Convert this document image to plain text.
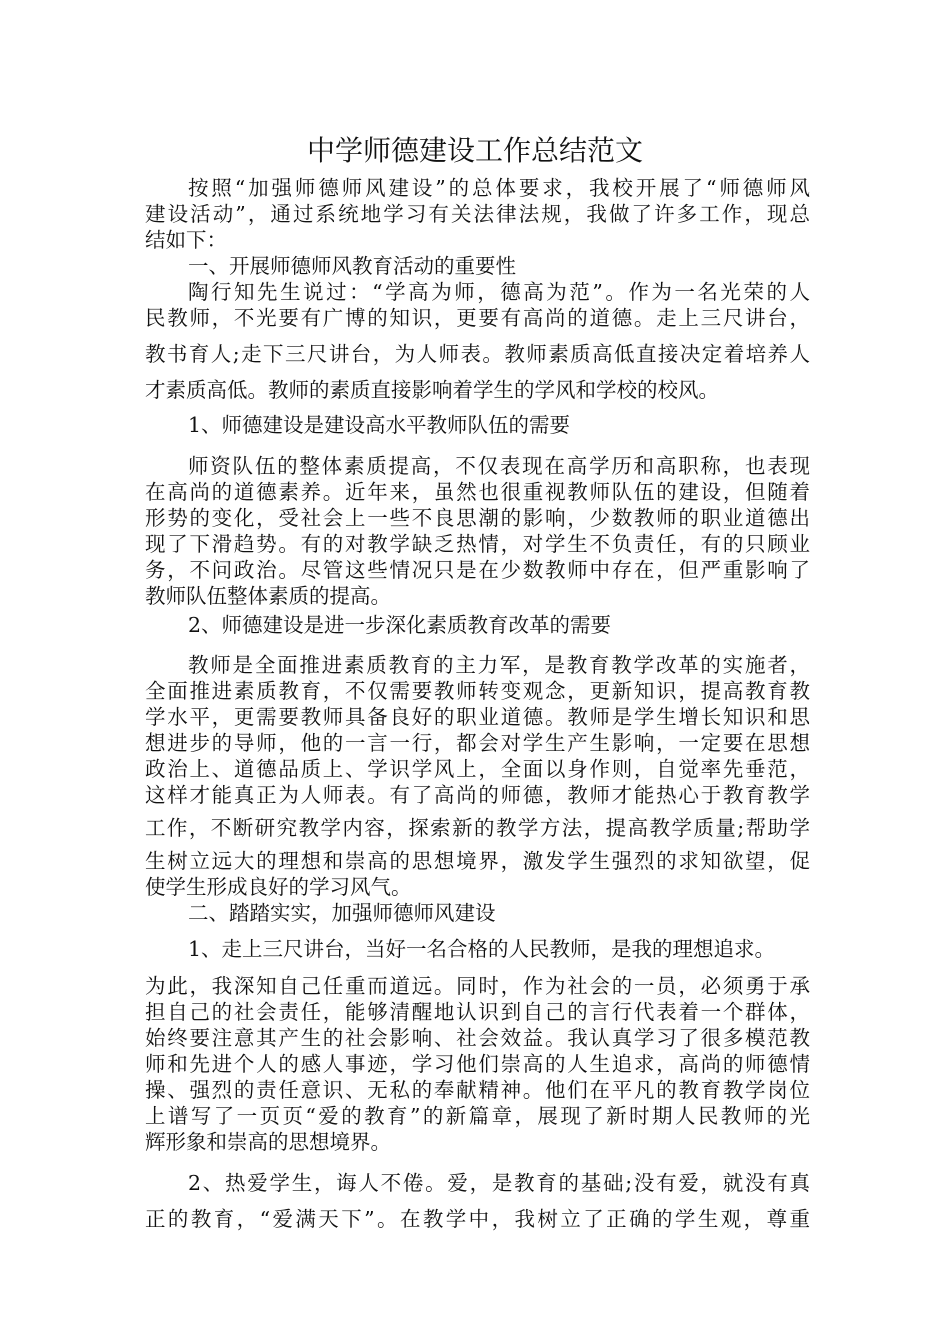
中学师德建设工作总结范文
按照“加强师德师风建设”的总体要求，我校开展了“师德师风
建设活动”，通过系统地学习有关法律法规，我做了许多工作，现总
结如下：
一、开展师德师风教育活动的重要性
陶行知先生说过：“学高为师，德高为范”。作为一名光荣的人
民教师，不光要有广博的知识，更要有高尚的道德。走上三尺讲台，
教书育人;走下三尺讲台，为人师表。教师素质高低直接决定着培养人
才素质高低。教师的素质直接影响着学生的学风和学校的校风。
1、师德建设是建设高水平教师队伍的需要
师资队伍的整体素质提高，不仅表现在高学历和高职称，也表现
在高尚的道德素养。近年来，虽然也很重视教师队伍的建设，但随着
形势的变化，受社会上一些不良思潮的影响，少数教师的职业道德出
现了下滑趋势。有的对教学缺乏热情，对学生不负责任，有的只顾业
务，不问政治。尽管这些情况只是在少数教师中存在，但严重影响了
教师队伍整体素质的提高。
2、师德建设是进一步深化素质教育改革的需要
教师是全面推进素质教育的主力军，是教育教学改革的实施者，
全面推进素质教育，不仅需要教师转变观念，更新知识，提高教育教
学水平，更需要教师具备良好的职业道德。教师是学生增长知识和思
想进步的导师，他的一言一行，都会对学生产生影响，一定要在思想
政治上、道德品质上、学识学风上，全面以身作则，自觉率先垂范，
这样才能真正为人师表。有了高尚的师德，教师才能热心于教育教学
工作，不断研究教学内容，探索新的教学方法，提高教学质量;帮助学
生树立远大的理想和崇高的思想境界，激发学生强烈的求知欲望，促
使学生形成良好的学习风气。
二、踏踏实实，加强师德师风建设
1、走上三尺讲台，当好一名合格的人民教师，是我的理想追求。
为此，我深知自己任重而道远。同时，作为社会的一员，必须勇于承
担自己的社会责任，能够清醒地认识到自己的言行代表着一个群体，
始终要注意其产生的社会影响、社会效益。我认真学习了很多模范教
师和先进个人的感人事迹，学习他们崇高的人生追求，高尚的师德情
操、强烈的责任意识、无私的奉献精神。他们在平凡的教育教学岗位
上谱写了一页页“爱的教育”的新篇章，展现了新时期人民教师的光
辉形象和崇高的思想境界。
2、热爱学生，诲人不倦。爱，是教育的基础;没有爱，就没有真
正的教育，“爱满天下”。在教学中，我树立了正确的学生观，尊重
